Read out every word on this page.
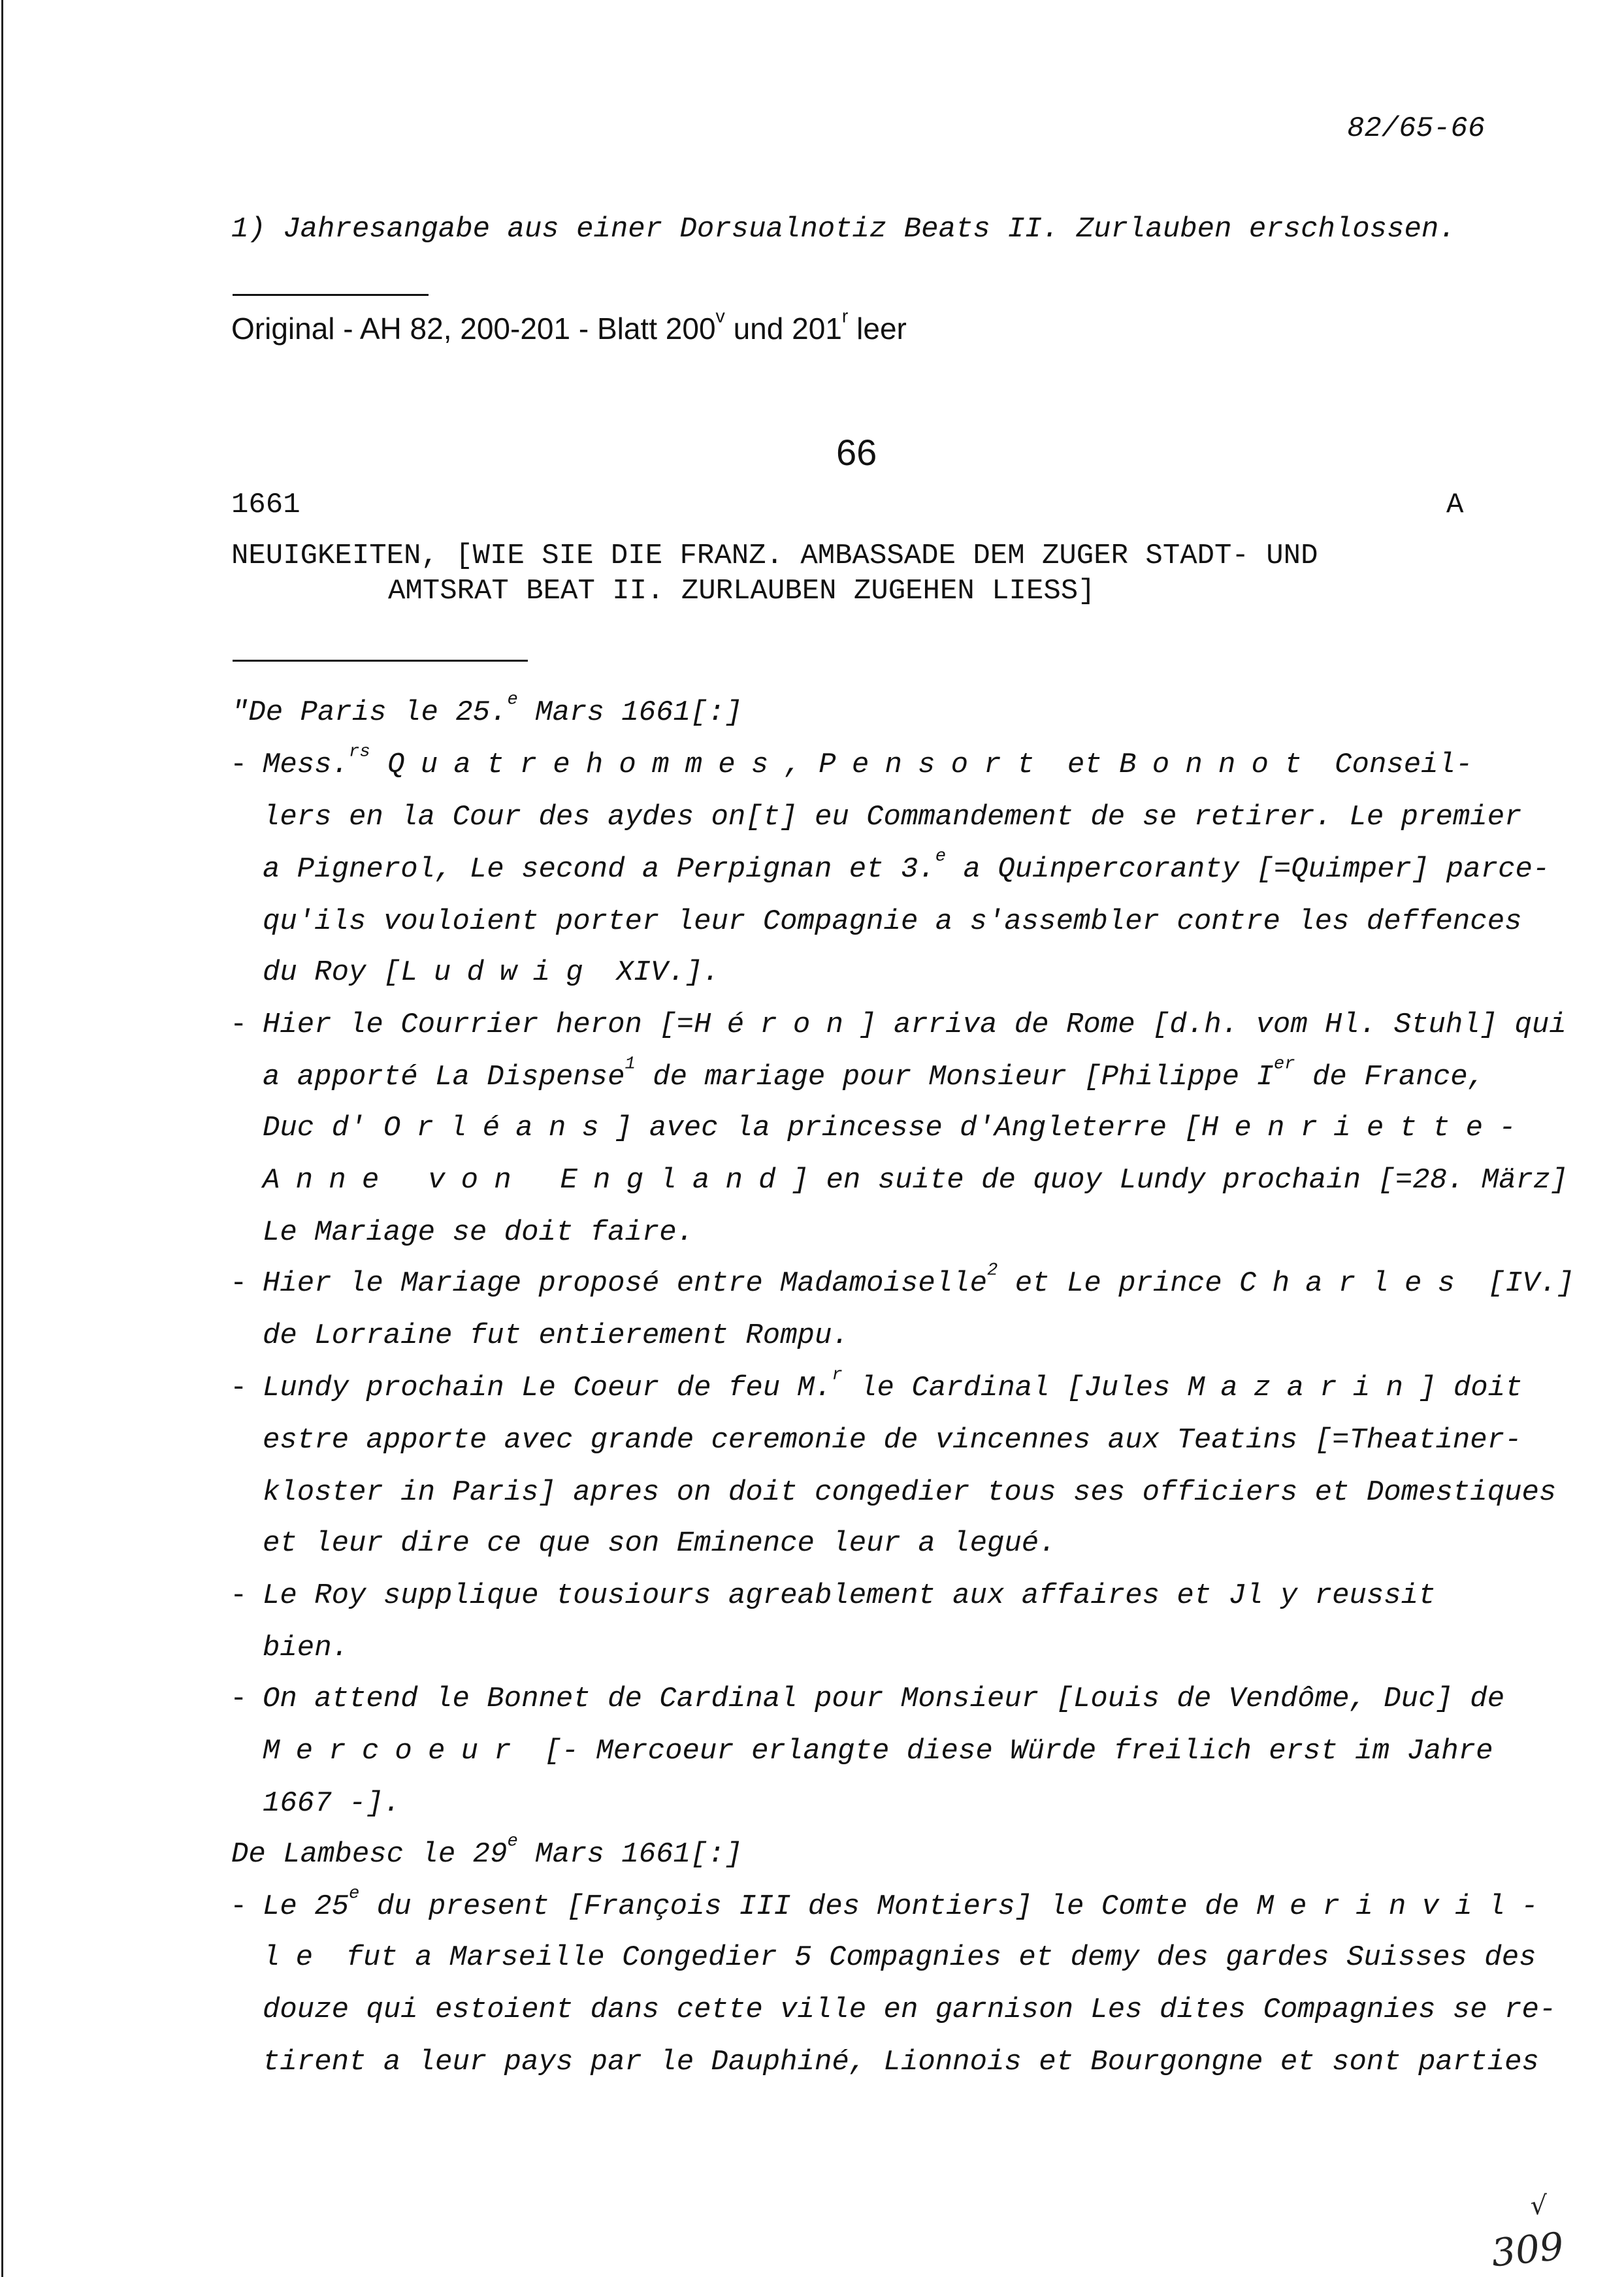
82/65-66
1) Jahresangabe aus einer Dorsualnotiz Beats II. Zurlauben erschlossen.
Original - AH 82, 200-201 - Blatt 200$^v$ und 201$^r$ leer
66
1661	A
NEUIGKEITEN, [WIE SIE DIE FRANZ. AMBASSADE DEM ZUGER STADT- UND
AMTSRAT BEAT II. ZURLAUBEN ZUGEHEN LIESS]
"De Paris le 25.$^e$ Mars 1661[:]
- Mess.$^{rs}$ Quatrehommes, Pensort et Bonnot Conseil-
lers en la Cour des aydes on[t] eu Commandement de se retirer. Le premier
a Pignerol, Le second a Perpignan et 3.$^e$ a Quinpercoranty [=Quimper] parce-
qu'ils vouloient porter leur Compagnie a s'assembler contre les deffences
du Roy [Ludwig XIV.].
- Hier le Courrier heron [=Héron] arriva de Rome [d.h. vom Hl. Stuhl] qui
a apporté La Dispense$^1$ de mariage pour Monsieur [Philippe Ier de France,
Duc d' Orléans] avec la princesse d'Angleterre [Henriette-
Anne von England] en suite de quoy Lundy prochain [=28. März]
Le Mariage se doit faire.
- Hier le Mariage proposé entre Madamoiselle$^2$ et Le prince Charles [IV.]
de Lorraine fut entierement Rompu.
- Lundy prochain Le Coeur de feu M.$^r$ le Cardinal [Jules Mazarin] doit
estre apporte avec grande ceremonie de vincennes aux Teatins [=Theatiner-
kloster in Paris] apres on doit congedier tous ses officiers et Domestiques
et leur dire ce que son Eminence leur a legué.
- Le Roy supplique tousiours agreablement aux affaires et Jl y reussit
bien.
- On attend le Bonnet de Cardinal pour Monsieur [Louis de Vendôme, Duc] de
Mercoeur [- Mercoeur erlangte diese Würde freilich erst im Jahre
1667 -].
De Lambesc le 29e Mars 1661[:]
- Le 25e du present [François III des Montiers] le Comte de Merinvil-
le fut a Marseille Congedier 5 Compagnies et demy des gardes Suisses des
douze qui estoient dans cette ville en garnison Les dites Compagnies se re-
tirent a leur pays par le Dauphiné, Lionnois et Bourgongne et sont parties
√
309
